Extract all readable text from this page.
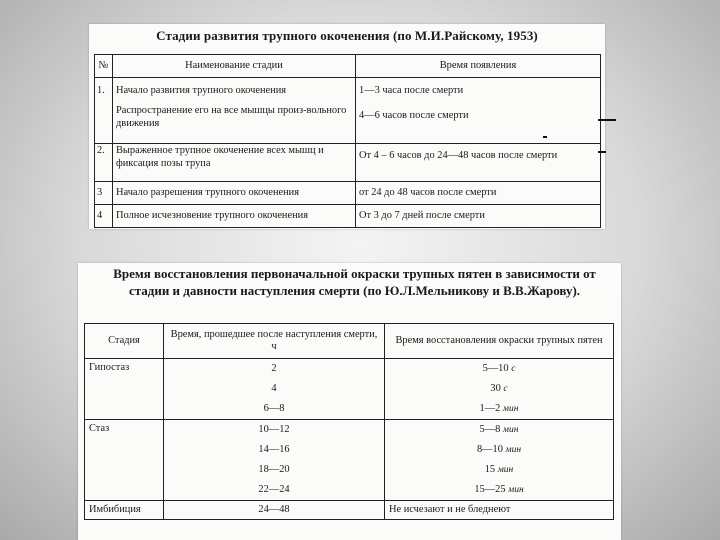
Стадии развития трупного окоченения (по М.И.Райскому, 1953)
№	Наименование стадии	Время появления
1.	Начало развития трупного окоченения	1—3 часа после смерти
	Распространение его на все мышцы произ-вольного движения	4—6 часов после смерти
2.	Выраженное трупное окоченение всех мышц и фиксация позы трупа	От 4 – 6 часов до 24—48 часов после смерти
3	Начало разрешения трупного окоченения	от 24 до 48 часов после смерти
4	Полное исчезновение трупного окоченения	От 3 до 7 дней после смерти
Время восстановления первоначальной окраски трупных пятен в зависимости от стадии и давности наступления смерти (по Ю.Л.Мельникову и В.В.Жарову).
Стадия	Время, прошедшее после наступления смерти, ч	Время восстановления окраски трупных пятен
Гипостаз	2	5—10 с
	4	30 с
	6—8	1—2 мин
Стаз	10—12	5—8 мин
	14—16	8—10 мин
	18—20	15 мин
	22—24	15—25 мин
Имбибиция	24—48	Не исчезают и не бледнеют
